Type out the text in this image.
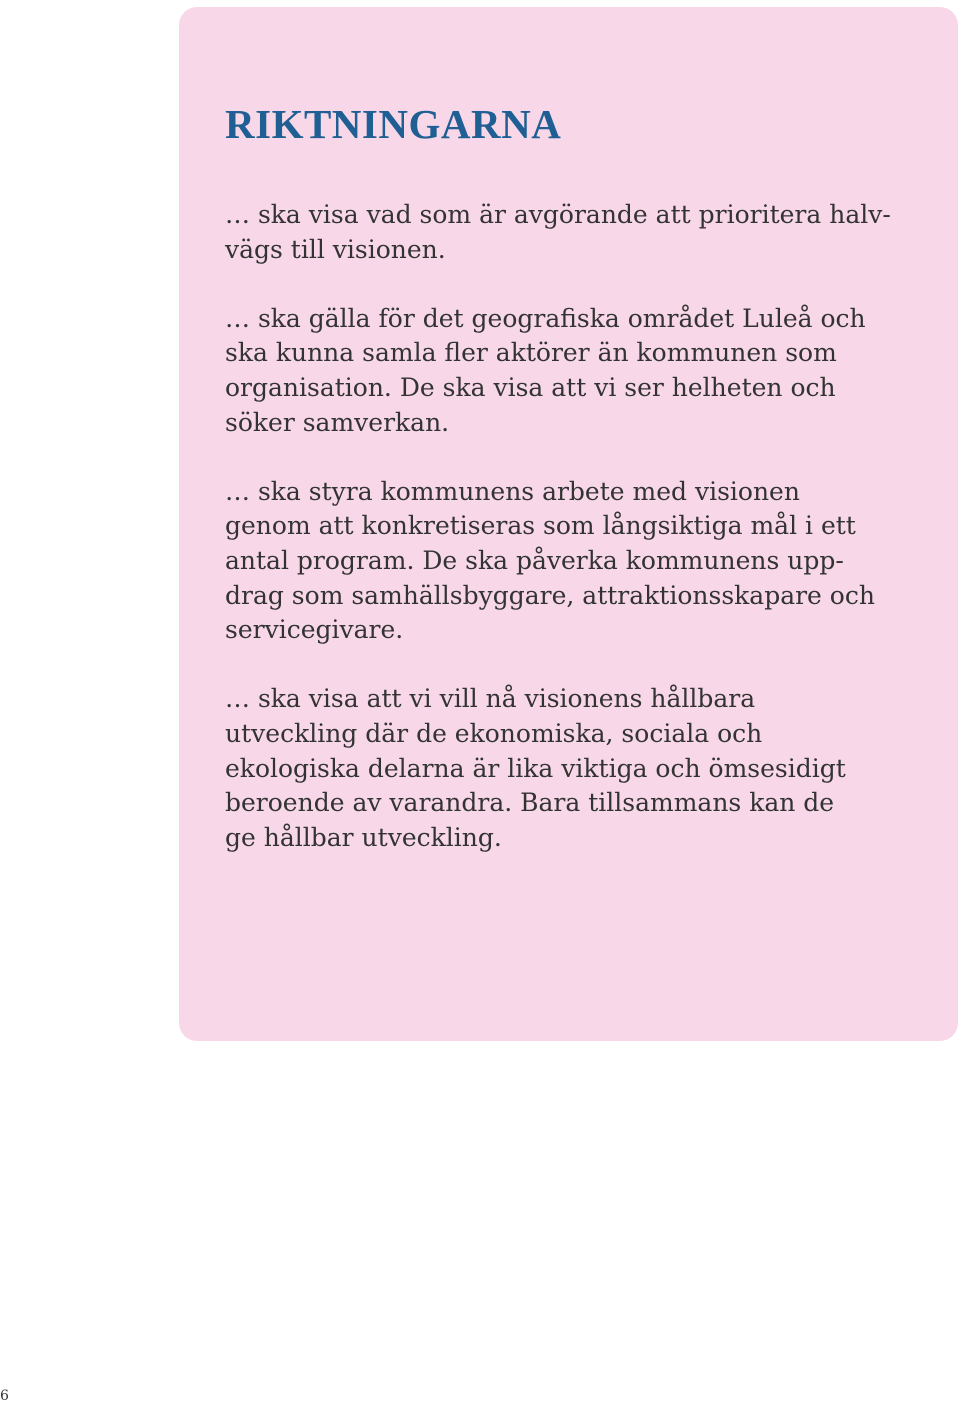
RIKTNINGARNA

… ska visa vad som är avgörande att prioritera halv-
vägs till visionen.

… ska gälla för det geografiska området Luleå och
ska kunna samla fler aktörer än kommunen som
organisation. De ska visa att vi ser helheten och
söker samverkan.

… ska styra kommunens arbete med visionen
genom att konkretiseras som långsiktiga mål i ett
antal program. De ska påverka kommunens upp-
drag som samhällsbyggare, attraktionsskapare och
servicegivare.

… ska visa att vi vill nå visionens hållbara
utveckling där de ekonomiska, sociala och
ekologiska delarna är lika viktiga och ömsesidigt
beroende av varandra. Bara tillsammans kan de
ge hållbar utveckling.

6
